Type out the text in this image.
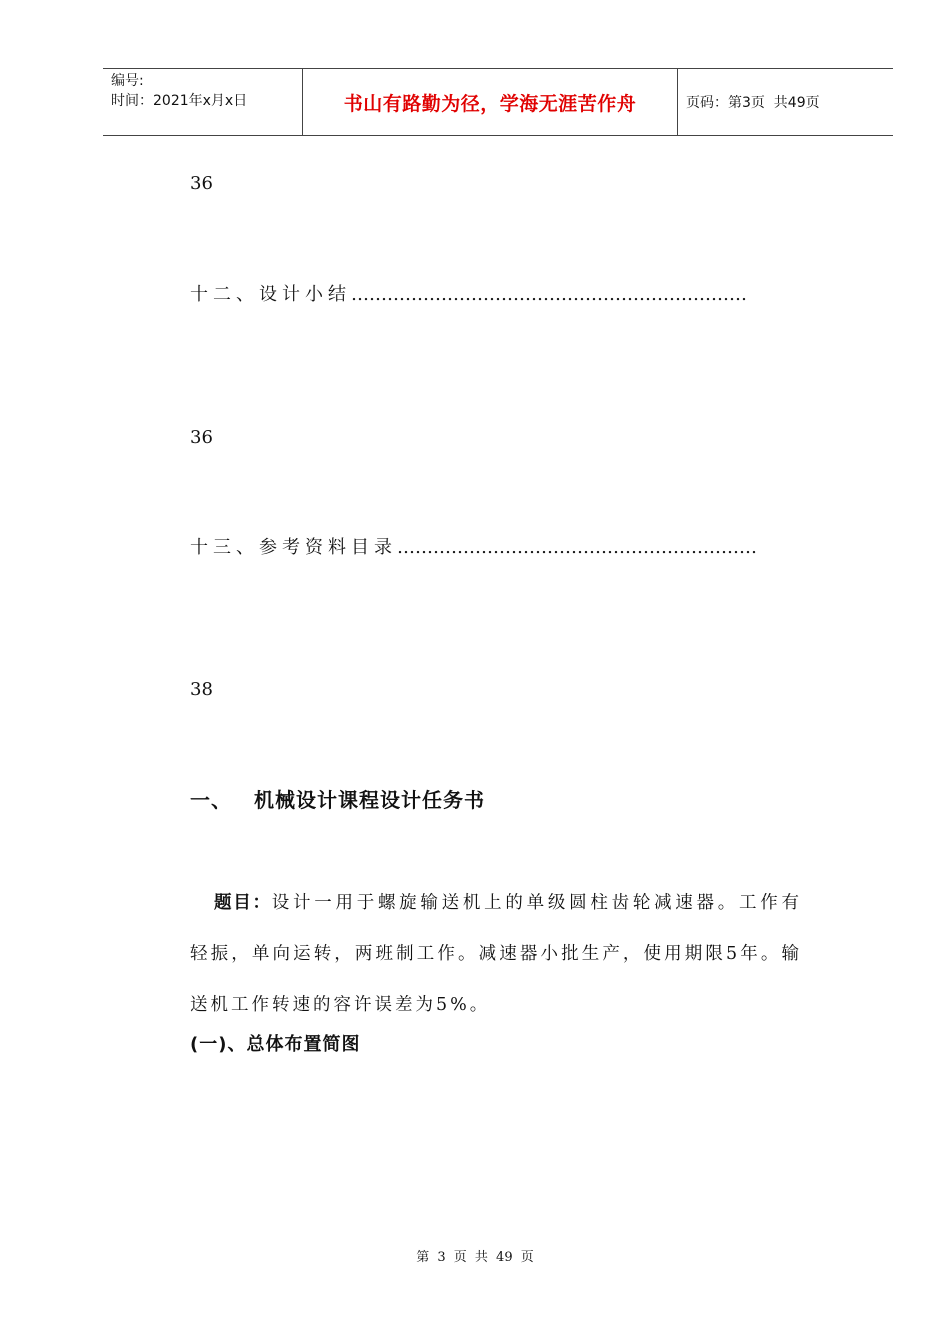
编号:
时间：2021年x月x日	书山有路勤为径，学海无涯苦作舟	页码：第3页  共49页
36
十二、设计小结…………………………………………………………
36
十三、参考资料目录……………………………………………………
38
一、 机械设计课程设计任务书
题目：设计一用于螺旋输送机上的单级圆柱齿轮减速器。工作有轻振，单向运转，两班制工作。减速器小批生产，使用期限5年。输送机工作转速的容许误差为5%。
(一)、总体布置简图
第 3 页 共 49 页
